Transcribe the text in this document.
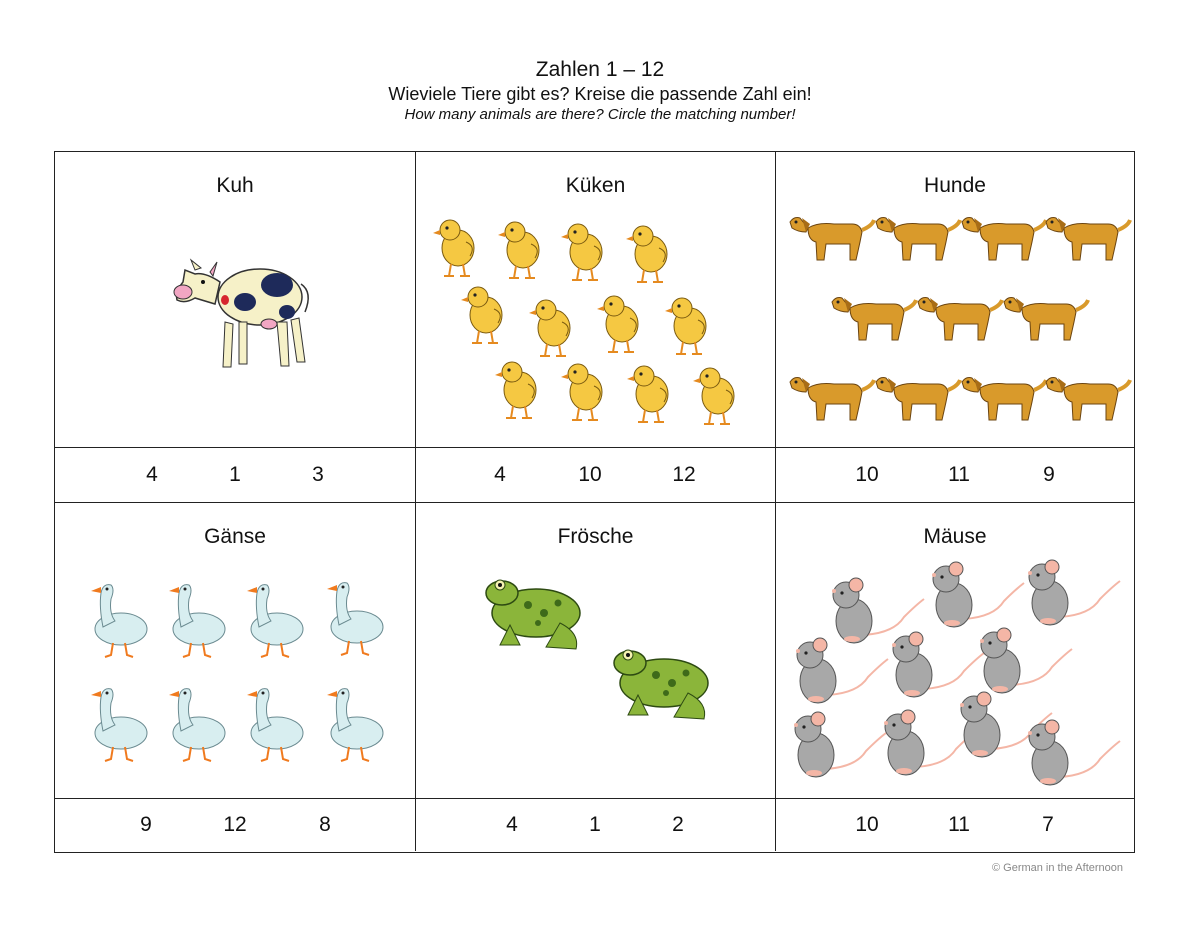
Zahlen 1 – 12
Wieviele Tiere gibt es? Kreise die passende Zahl ein!
How many animals are there? Circle the matching number!
Kuh	Küken	Hunde
4	1	3	4	10	12	10	11	9
Gänse	Frösche	Mäuse
9	12	8	4	1	2	10	11	7
© German in the Afternoon
